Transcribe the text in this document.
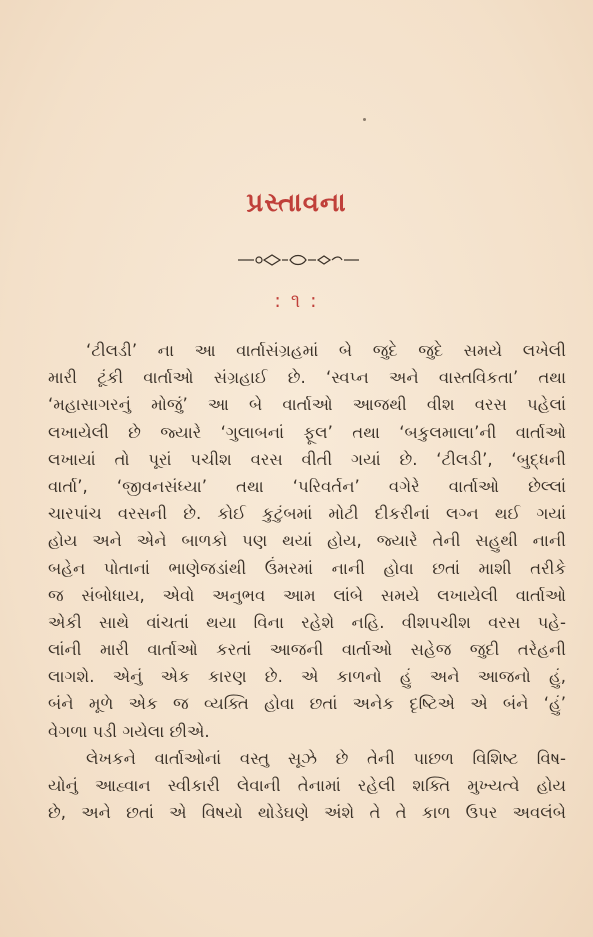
પ્રસ્તાવના
: ૧ :
‘ટીલડી’ ના આ વાર્તાસંગ્રહમાં બે જુદે જુદે સમયે લખેલી
મારી ટૂંકી વાર્તાઓ સંગ્રહાઈ છે. ‘સ્વપ્ન અને વાસ્તવિકતા’ તથા
‘મહાસાગરનું મોજું’ આ બે વાર્તાઓ આજથી વીશ વરસ પહેલાં
લખાયેલી છે જ્યારે ‘ગુલાબનાં ફૂલ’ તથા ‘બકુલમાલા’ની વાર્તાઓ
લખાયાં તો પૂરાં પચીશ વરસ વીતી ગયાં છે. ‘ટીલડી’, ‘બુદ્ધની
વાર્તા’, ‘જીવનસંધ્યા’ તથા ‘પરિવર્તન’ વગેરે વાર્તાઓ છેલ્લાં
ચારપાંચ વરસની છે. કોઈ કુટુંબમાં મોટી દીકરીનાં લગ્ન થઈ ગયાં
હોય અને એને બાળકો પણ થયાં હોય, જ્યારે તેની સહુથી નાની
બહેન પોતાનાં ભાણેજડાંથી ઉંમરમાં નાની હોવા છતાં માશી તરીકે
જ સંબોધાય, એવો અનુભવ આમ લાંબે સમયે લખાયેલી વાર્તાઓ
એકી સાથે વાંચતાં થયા વિના રહેશે નહિ. વીશપચીશ વરસ પહે-
લાંની મારી વાર્તાઓ કરતાં આજની વાર્તાઓ સહેજ જુદી તરેહની
લાગશે. એનું એક કારણ છે. એ કાળનો હું અને આજનો હું,
બંને મૂળે એક જ વ્યક્તિ હોવા છતાં અનેક દૃષ્ટિએ એ બંને ‘હું’
વેગળા પડી ગયેલા છીએ.
લેખકને વાર્તાઓનાં વસ્તુ સૂઝે છે તેની પાછળ વિશિષ્ટ વિષ-
યોનું આહ્વાન સ્વીકારી લેવાની તેનામાં રહેલી શક્તિ મુખ્યત્વે હોય
છે, અને છતાં એ વિષયો થોડેઘણે અંશે તે તે કાળ ઉપર અવલંબે
